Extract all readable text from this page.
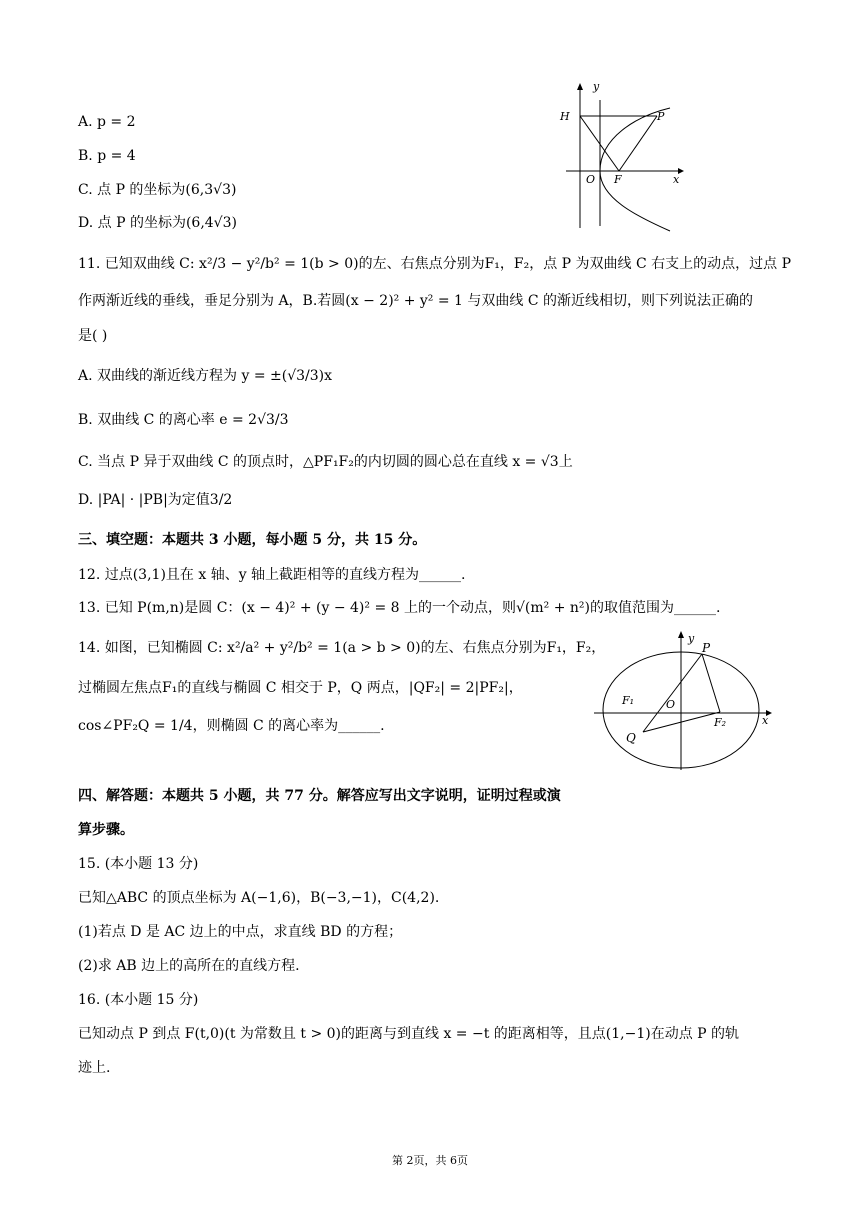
A. p = 2
B. p = 4
C. 点 P 的坐标为(6,3√3)
D. 点 P 的坐标为(6,4√3)
H
y
P
O F	x
11. 已知双曲线 C: x²/3 − y²/b² = 1(b > 0)的左、右焦点分别为F₁，F₂，点 P 为双曲线 C 右支上的动点，过点 P
作两渐近线的垂线，垂足分别为 A，B.若圆(x − 2)² + y² = 1 与双曲线 C 的渐近线相切，则下列说法正确的
是( )
A. 双曲线的渐近线方程为 y = ±(√3/3)x
B. 双曲线 C 的离心率 e = 2√3/3
C. 当点 P 异于双曲线 C 的顶点时，△PF₁F₂的内切圆的圆心总在直线 x = √3上
D. |PA| · |PB|为定值3/2
三、填空题：本题共 3 小题，每小题 5 分，共 15 分。
12. 过点(3,1)且在 x 轴、y 轴上截距相等的直线方程为______.
13. 已知 P(m,n)是圆 C：(x − 4)² + (y − 4)² = 8 上的一个动点，则√(m² + n²)的取值范围为______.
14. 如图，已知椭圆 C: x²/a² + y²/b² = 1(a > b > 0)的左、右焦点分别为F₁，F₂，
过椭圆左焦点F₁的直线与椭圆 C 相交于 P，Q 两点，|QF₂| = 2|PF₂|，
cos∠PF₂Q = 1/4，则椭圆 C 的离心率为______.
y
P
F₁	O
F₂	x
Q
四、解答题：本题共 5 小题，共 77 分。解答应写出文字说明，证明过程或演
算步骤。
15. (本小题 13 分)
已知△ABC 的顶点坐标为 A(−1,6)，B(−3,−1)，C(4,2).
(1)若点 D 是 AC 边上的中点，求直线 BD 的方程；
(2)求 AB 边上的高所在的直线方程.
16. (本小题 15 分)
已知动点 P 到点 F(t,0)(t 为常数且 t > 0)的距离与到直线 x = −t 的距离相等，且点(1,−1)在动点 P 的轨
迹上.
第 2页，共 6页
